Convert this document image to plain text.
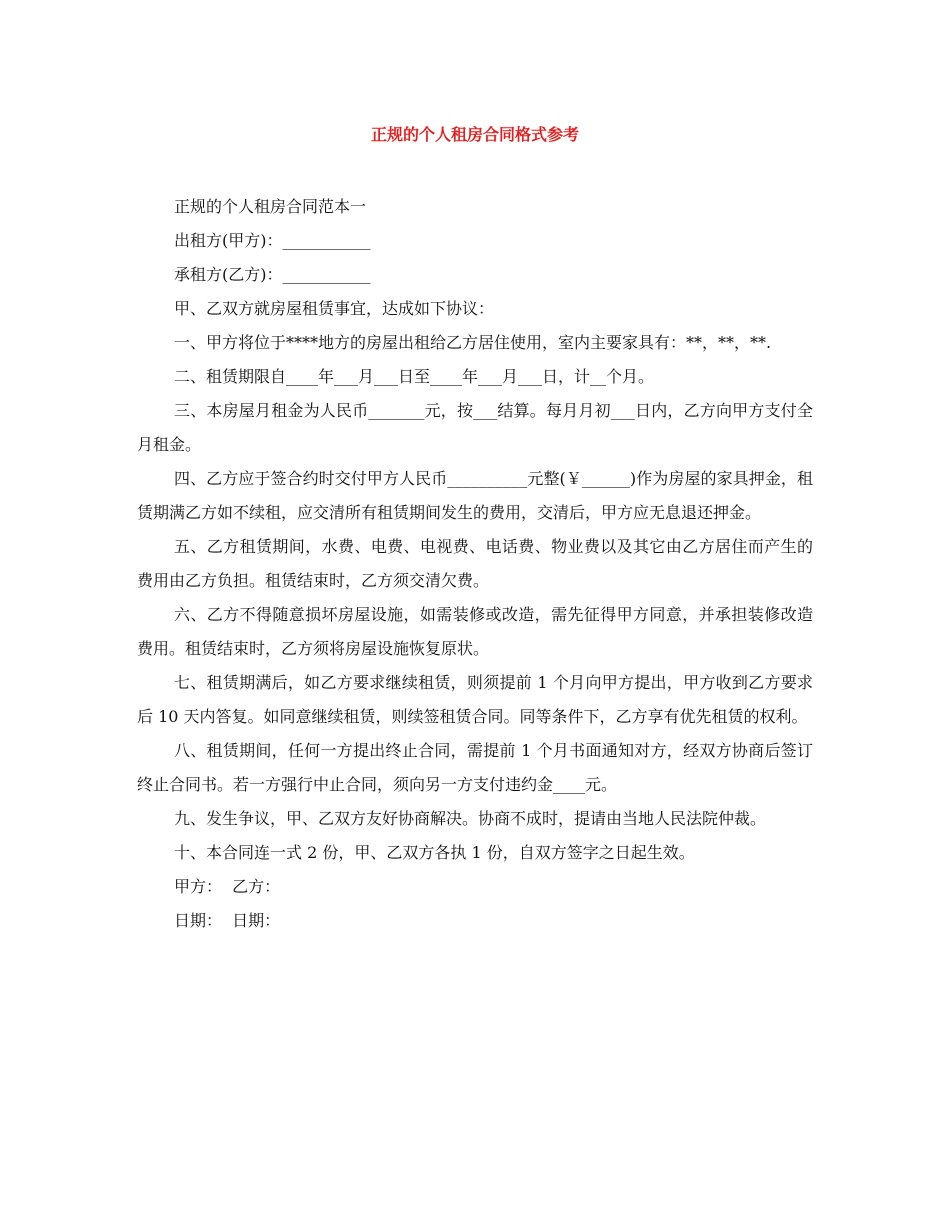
正规的个人租房合同格式参考

正规的个人租房合同范本一

出租方(甲方)：___________

承租方(乙方)：___________

甲、乙双方就房屋租赁事宜，达成如下协议：

一、甲方将位于****地方的房屋出租给乙方居住使用，室内主要家具有：**，**，**.

二、租赁期限自____年___月___日至____年___月___日，计__个月。

三、本房屋月租金为人民币_______元，按___结算。每月月初___日内，乙方向甲方支付全月租金。

四、乙方应于签合约时交付甲方人民币__________元整(￥______)作为房屋的家具押金，租赁期满乙方如不续租，应交清所有租赁期间发生的费用，交清后，甲方应无息退还押金。

五、乙方租赁期间，水费、电费、电视费、电话费、物业费以及其它由乙方居住而产生的费用由乙方负担。租赁结束时，乙方须交清欠费。

六、乙方不得随意损坏房屋设施，如需装修或改造，需先征得甲方同意，并承担装修改造费用。租赁结束时，乙方须将房屋设施恢复原状。

七、租赁期满后，如乙方要求继续租赁，则须提前 1 个月向甲方提出，甲方收到乙方要求后 10 天内答复。如同意继续租赁，则续签租赁合同。同等条件下，乙方享有优先租赁的权利。

八、租赁期间，任何一方提出终止合同，需提前 1 个月书面通知对方，经双方协商后签订终止合同书。若一方强行中止合同，须向另一方支付违约金____元。

九、发生争议，甲、乙双方友好协商解决。协商不成时，提请由当地人民法院仲裁。

十、本合同连一式 2 份，甲、乙双方各执 1 份，自双方签字之日起生效。

甲方：  乙方：

日期：  日期：
